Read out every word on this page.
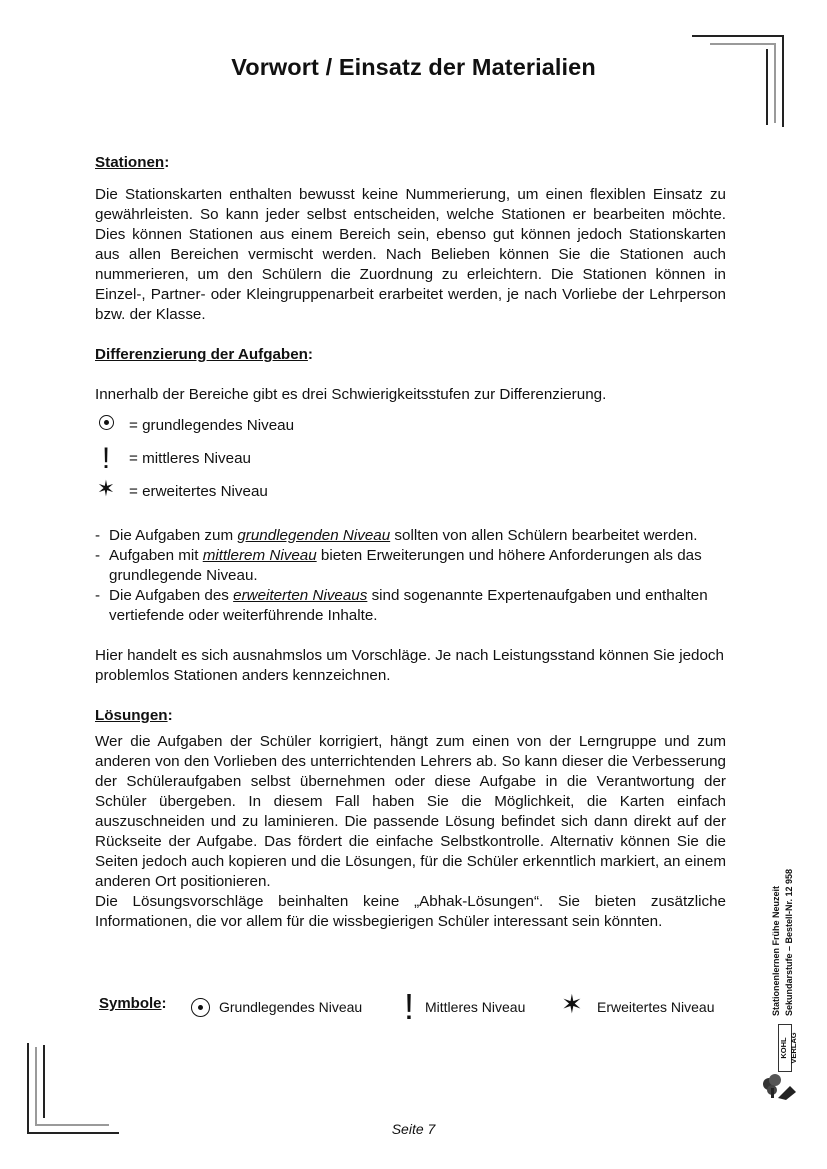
Vorwort / Einsatz der Materialien

Stationen:

Die Stationskarten enthalten bewusst keine Nummerierung, um einen flexiblen Einsatz zu gewährleisten. So kann jeder selbst entscheiden, welche Stationen er bearbeiten möchte. Dies können Stationen aus einem Bereich sein, ebenso gut können jedoch Stationskarten aus allen Bereichen vermischt werden. Nach Belieben können Sie die Stationen auch nummerieren, um den Schülern die Zuordnung zu erleichtern. Die Stationen können in Einzel-, Partner- oder Kleingruppenarbeit erarbeitet werden, je nach Vorliebe der Lehrperson bzw. der Klasse.

Differenzierung der Aufgaben:

Innerhalb der Bereiche gibt es drei Schwierigkeitsstufen zur Differenzierung.

= grundlegendes Niveau
!	= mittleres Niveau
✶ = erweitertes Niveau
- Die Aufgaben zum grundlegenden Niveau sollten von allen Schülern bearbeitet werden.
- Aufgaben mit mittlerem Niveau bieten Erweiterungen und höhere Anforderungen als das grundlegende Niveau.
- Die Aufgaben des erweiterten Niveaus sind sogenannte Expertenaufgaben und enthalten vertiefende oder weiterführende Inhalte.

Hier handelt es sich ausnahmslos um Vorschläge. Je nach Leistungsstand können Sie jedoch problemlos Stationen anders kennzeichnen.

Lösungen:

Wer die Aufgaben der Schüler korrigiert, hängt zum einen von der Lerngruppe und zum anderen von den Vorlieben des unterrichtenden Lehrers ab. So kann dieser die Verbesserung der Schüleraufgaben selbst übernehmen oder diese Aufgabe in die Verantwortung der Schüler übergeben. In diesem Fall haben Sie die Möglichkeit, die Karten einfach auszuschneiden und zu laminieren. Die passende Lösung befindet sich dann direkt auf der Rückseite der Aufgabe. Das fördert die einfache Selbstkontrolle. Alternativ können Sie die Seiten jedoch auch kopieren und die Lösungen, für die Schüler erkenntlich markiert, an einem anderen Ort positionieren.

Die Lösungsvorschläge beinhalten keine „Abhak-Lösungen“. Sie bieten zusätzliche Informationen, die vor allem für die wissbegierigen Schüler interessant sein könnten.

Symbole:	Grundlegendes Niveau ! Mittleres Niveau ✶ Erweitertes Niveau	Stationenlernen Frühe Neuzeit Sekundarstufe – Bestell-Nr. 12 958
KOHL VERLAG
Seite 7
